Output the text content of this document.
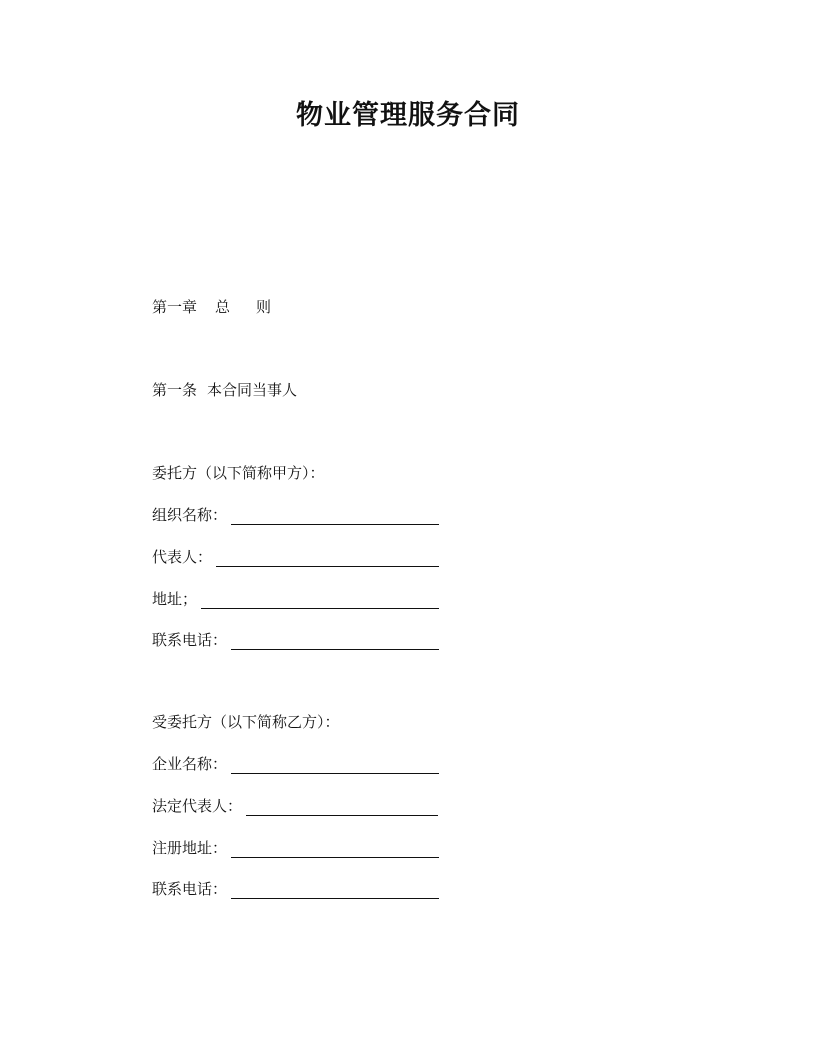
物业管理服务合同
第一章 总 则
第一条 本合同当事人
委托方（以下简称甲方）：
组织名称：
代表人：
地址；
联系电话：
受委托方（以下简称乙方）：
企业名称：
法定代表人：
注册地址：
联系电话：
